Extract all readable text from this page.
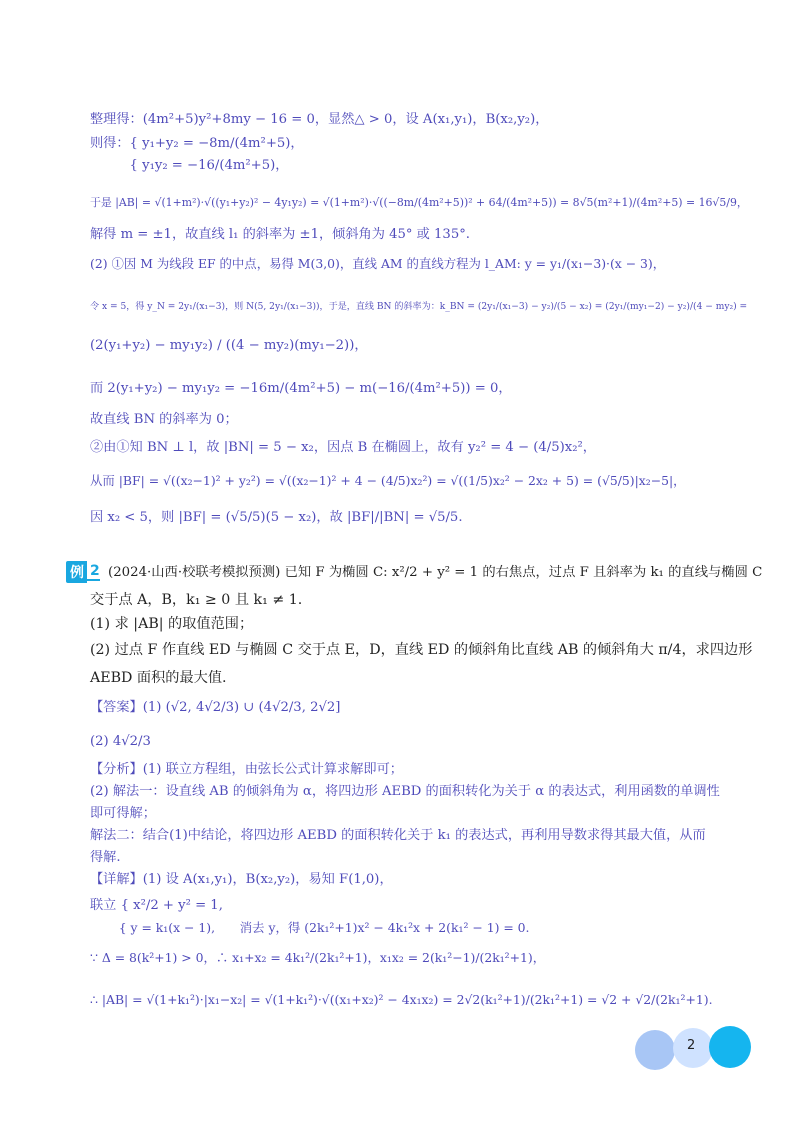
整理得：(4m²+5)y²+8my − 16 = 0，显然△ > 0，设 A(x₁,y₁)，B(x₂,y₂)，
则得：{ y₁+y₂ = −8m/(4m²+5)，
　　　{ y₁y₂ = −16/(4m²+5)，
于是 |AB| = √(1+m²)·√((y₁+y₂)² − 4y₁y₂) = √(1+m²)·√((−8m/(4m²+5))² + 64/(4m²+5)) = 8√5(m²+1)/(4m²+5) = 16√5/9，
解得 m = ±1，故直线 l₁ 的斜率为 ±1，倾斜角为 45° 或 135°.
(2) ①因 M 为线段 EF 的中点，易得 M(3,0)，直线 AM 的直线方程为 l_AM: y = y₁/(x₁−3)·(x − 3)，
令 x = 5，得 y_N = 2y₁/(x₁−3)，则 N(5, 2y₁/(x₁−3))，于是，直线 BN 的斜率为：k_BN = (2y₁/(x₁−3) − y₂)/(5 − x₂) = (2y₁/(my₁−2) − y₂)/(4 − my₂) =
(2(y₁+y₂) − my₁y₂) / ((4 − my₂)(my₁−2))，
而 2(y₁+y₂) − my₁y₂ = −16m/(4m²+5) − m(−16/(4m²+5)) = 0，
故直线 BN 的斜率为 0；
②由①知 BN ⊥ l，故 |BN| = 5 − x₂，因点 B 在椭圆上，故有 y₂² = 4 − (4/5)x₂²，
从而 |BF| = √((x₂−1)² + y₂²) = √((x₂−1)² + 4 − (4/5)x₂²) = √((1/5)x₂² − 2x₂ + 5) = (√5/5)|x₂−5|，
因 x₂ < 5，则 |BF| = (√5/5)(5 − x₂)，故 |BF|/|BN| = √5/5.
例 2 (2024·山西·校联考模拟预测) 已知 F 为椭圆 C: x²/2 + y² = 1 的右焦点，过点 F 且斜率为 k₁ 的直线与椭圆 C
交于点 A，B，k₁ ≥ 0 且 k₁ ≠ 1.
(1) 求 |AB| 的取值范围；
(2) 过点 F 作直线 ED 与椭圆 C 交于点 E，D，直线 ED 的倾斜角比直线 AB 的倾斜角大 π/4，求四边形
AEBD 面积的最大值.
【答案】(1) (√2, 4√2/3) ∪ (4√2/3, 2√2]
(2) 4√2/3
【分析】(1) 联立方程组，由弦长公式计算求解即可；
(2) 解法一：设直线 AB 的倾斜角为 α，将四边形 AEBD 的面积转化为关于 α 的表达式，利用函数的单调性
即可得解；
解法二：结合(1)中结论，将四边形 AEBD 的面积转化关于 k₁ 的表达式，再利用导数求得其最大值，从而
得解.
【详解】(1) 设 A(x₁,y₁)，B(x₂,y₂)，易知 F(1,0)，
联立 { x²/2 + y² = 1,
　　 { y = k₁(x − 1),　　消去 y，得 (2k₁²+1)x² − 4k₁²x + 2(k₁² − 1) = 0.
∵ Δ = 8(k²+1) > 0，∴ x₁+x₂ = 4k₁²/(2k₁²+1)，x₁x₂ = 2(k₁²−1)/(2k₁²+1)，
∴ |AB| = √(1+k₁²)·|x₁−x₂| = √(1+k₁²)·√((x₁+x₂)² − 4x₁x₂) = 2√2(k₁²+1)/(2k₁²+1) = √2 + √2/(2k₁²+1).
2
